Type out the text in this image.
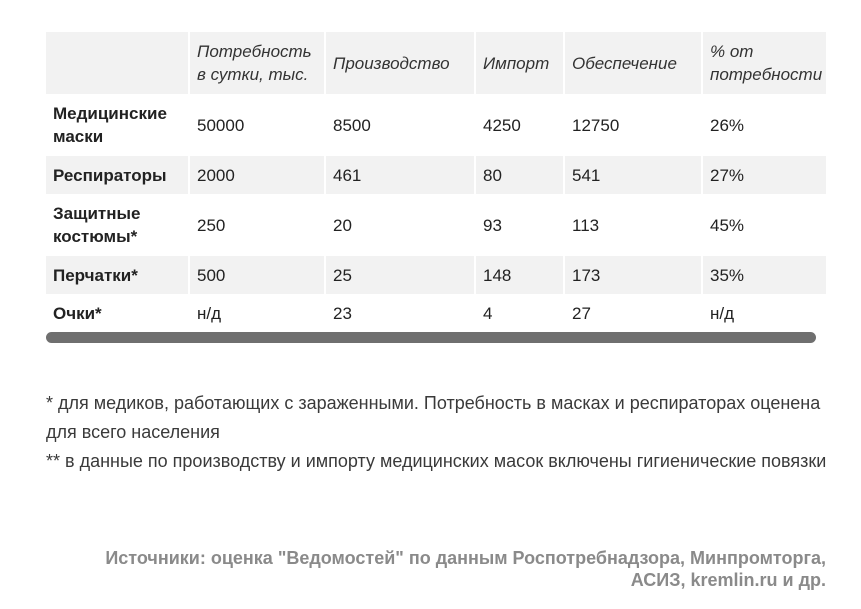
	Потребность
в сутки, тыс.	Производство	Импорт	Обеспечение	% от
потребности
Медицинские
маски	50000	8500	4250	12750	26%
Респираторы	2000	461	80	541	27%
Защитные
костюмы*	250	20	93	113	45%
Перчатки*	500	25	148	173	35%
Очки*	н/д	23	4	27	н/д

* для медиков, работающих с зараженными. Потребность в масках и респираторах оценена для всего населения

** в данные по производству и импорту медицинских масок включены гигиенические повязки

Источники: оценка "Ведомостей" по данным Роспотребнадзора, Минпромторга, АСИЗ, kremlin.ru и др.
